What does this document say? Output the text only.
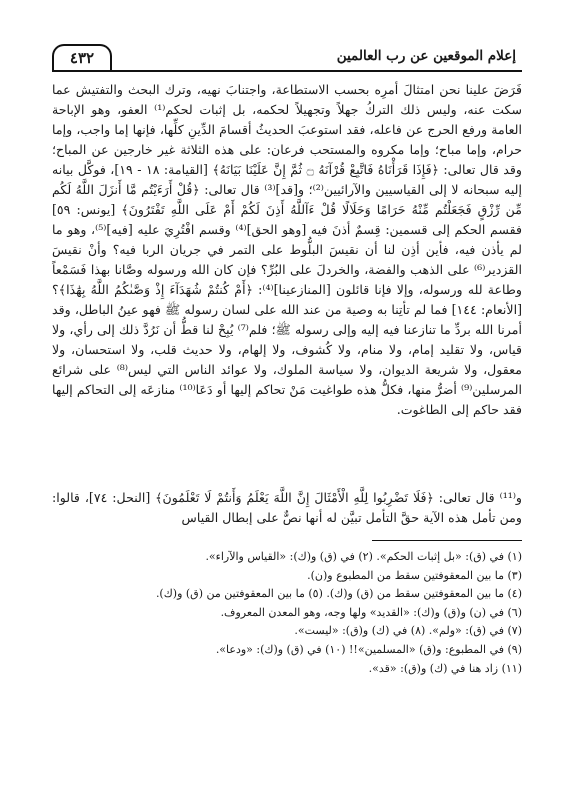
٤٣٢	إعلام الموقعين عن رب العالمين

فَرَضَ علينا نحن امتثالَ أمرِه بحسب الاستطاعة، واجتنابَ نهيه، وترك البحث والتفتيش عما سكت عنه، وليس ذلك التركُ جهلاً وتجهيلاً لحكمه، بل إثبات لحكم⁽¹⁾ العفو، وهو الإباحة العامة ورفع الحرج عن فاعله، فقد استوعبَ الحديثُ أقسامَ الدِّينِ كلِّها، فإنها إما واجب، وإما حرام، وإما مباح؛ وإما مكروه والمستحب فرعان: على هذه الثلاثة غير خارجين عن المباح؛ وقد قال تعالى: ﴿فَإِذَا قَرَأْنَاهُ فَاتَّبِعْ قُرْآنَهُ ۝ ثُمَّ إِنَّ عَلَيْنَا بَيَانَهُ﴾ [القيامة: ١٨ - ١٩]، فوكَّل بيانه إليه سبحانه لا إلى القياسيين والآرائيين⁽²⁾؛ و[قد]⁽³⁾ قال تعالى: ﴿قُلْ أَرَءَيْتُم مَّا أَنزَلَ اللَّهُ لَكُم مِّن رِّزْقٍ فَجَعَلْتُم مِّنْهُ حَرَامًا وَحَلَالًا قُلْ ءَآللَّهُ أَذِنَ لَكُمْ أَمْ عَلَى اللَّهِ تَفْتَرُونَ﴾ [يونس: ٥٩] فقسم الحكم إلى قسمين: قِسمٌ أذنَ فيه [وهو الحق]⁽⁴⁾ وقسم افْتُرِيَ عليه [فيه]⁽⁵⁾، وهو ما لم يأذن فيه، فأين أذِن لنا أن نقيسَ البلُّوط على التمر في جريان الربا فيه؟ وأنْ نقيسَ القزدير⁽⁶⁾ على الذهب والفضة، والخردلَ على البُرِّ؟ فإن كان الله ورسوله وصَّانا بهذا فَسَمْعاً وطاعة لله ورسوله، وإلا فإنا قائلون [المنازعينا]⁽⁴⁾: ﴿أَمْ كُنتُمْ شُهَدَآءَ إِذْ وَصَّىٰكُمُ اللَّهُ بِهَٰذَا﴾؟ [الأنعام: ١٤٤] فما لم تأتِنا به وصية من عند الله على لسان رسوله ﷺ فهو عينُ الباطل، وقد أمرنا الله بردِّ ما تنازعنا فيه إليه وإلى رسوله ﷺ؛ فلم⁽⁷⁾ يُبِحْ لنا قطُّ أن نَرُدَّ ذلك إلى رأي، ولا قياس، ولا تقليد إمام، ولا منام، ولا كُشوف، ولا إلهام، ولا حديث قلب، ولا استحسان، ولا معقول، ولا شريعة الديوان، ولا سياسة الملوك، ولا عوائد الناس التي ليس⁽⁸⁾ على شرائع المرسلين⁽⁹⁾ أضرُّ منها، فكلُّ هذه طواغيت مَنْ تحاكم إليها أو دَعَا⁽¹⁰⁾ منازعَه إلى التحاكم إليها فقد حاكم إلى الطاغوت.

و⁽¹¹⁾ قال تعالى: ﴿فَلَا تَضْرِبُوا لِلَّهِ الْأَمْثَالَ إِنَّ اللَّهَ يَعْلَمُ وَأَنتُمْ لَا تَعْلَمُونَ﴾ [النحل: ٧٤]، قالوا: ومن تأمل هذه الآية حقَّ التأمل تبيَّن له أنها نصٌّ على إبطال القياس

(١) في (ق): «بل إثبات الحكم». (٢) في (ق) و(ك): «القياس والآراء».
(٣) ما بين المعقوفتين سقط من المطبوع و(ن).
(٤) ما بين المعقوفتين سقط من (ق) و(ك). (٥) ما بين المعقوفتين من (ق) و(ك).
(٦) في (ن) و(ق) و(ك): «القديد» ولها وجه، وهو المعدن المعروف.
(٧) في (ق): «ولم». (٨) في (ك) و(ق): «ليست».
(٩) في المطبوع: و(ق) «المسلمين»!! (١٠) في (ق) و(ك): «ودعا».
(١١) زاد هنا في (ك) و(ق): «قد».
